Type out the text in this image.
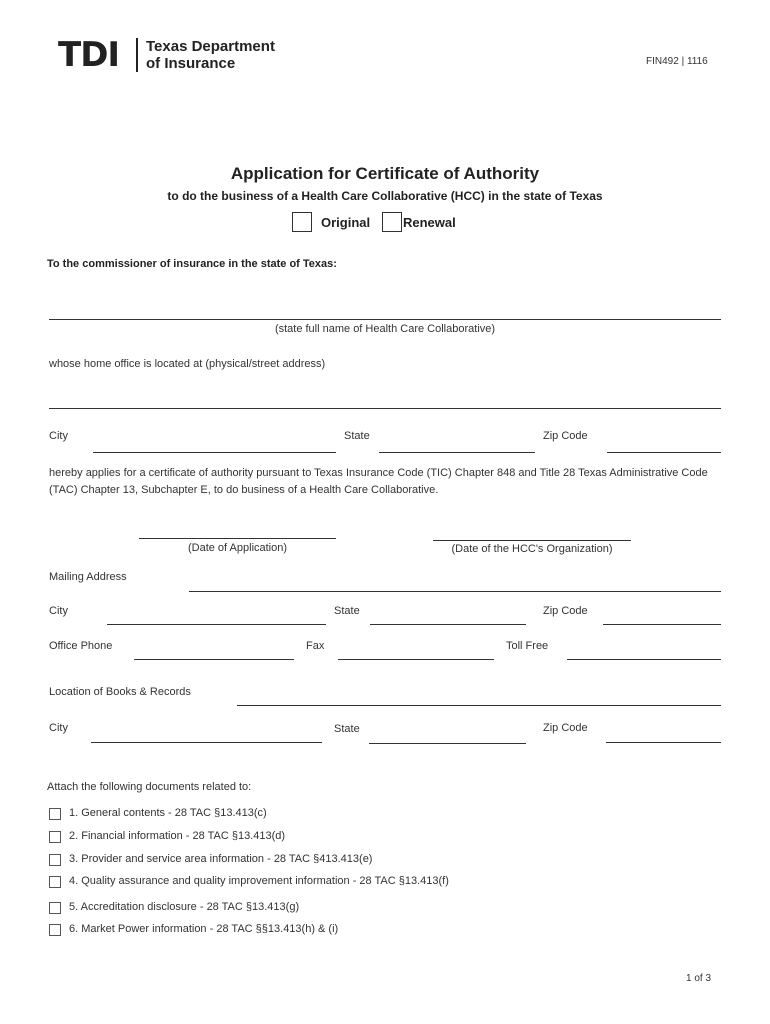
TDI Texas Department
of Insurance	FIN492 | 1116
Application for Certificate of Authority
to do the business of a Health Care Collaborative (HCC) in the state of Texas
Original	Renewal
To the commissioner of insurance in the state of Texas:
(state full name of Health Care Collaborative)
whose home office is located at (physical/street address)
City	State	Zip Code
hereby applies for a certificate of authority pursuant to Texas Insurance Code (TIC) Chapter 848 and Title 28 Texas Administrative Code (TAC) Chapter 13, Subchapter E, to do business of a Health Care Collaborative.
(Date of Application)	(Date of the HCC's Organization)
Mailing Address
City	State	Zip Code
Office Phone	Fax	Toll Free
Location of Books & Records
City	State	Zip Code
Attach the following documents related to:
1. General contents - 28 TAC §13.413(c)
2. Financial information - 28 TAC §13.413(d)
3. Provider and service area information - 28 TAC §413.413(e)
4. Quality assurance and quality improvement information - 28 TAC §13.413(f)
5. Accreditation disclosure - 28 TAC §13.413(g)
6. Market Power information - 28 TAC §§13.413(h) & (i)
1 of 3
